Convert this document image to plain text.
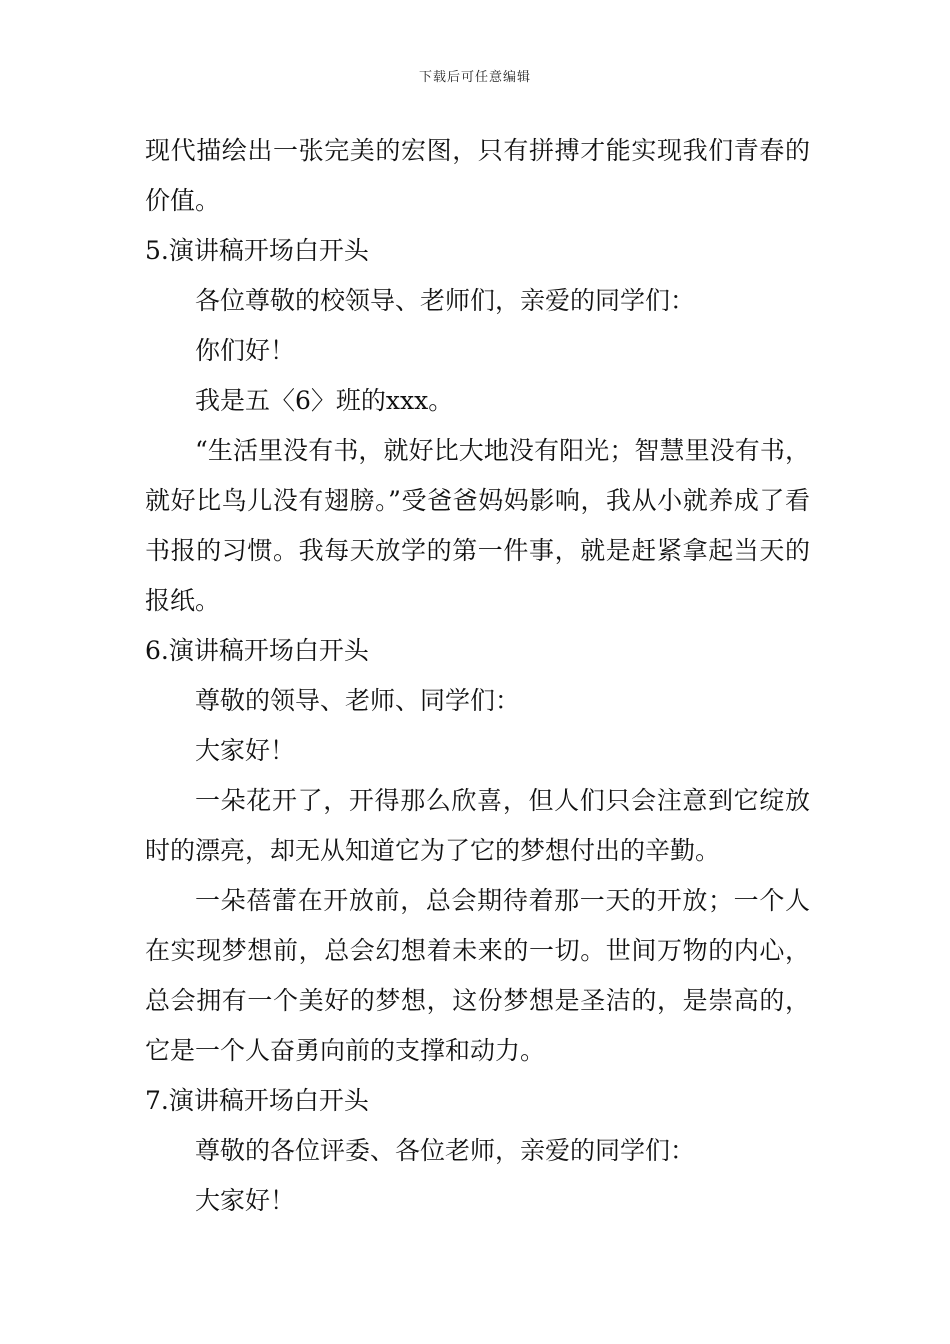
下载后可任意编辑

现代描绘出一张完美的宏图，只有拼搏才能实现我们青春的价值。

5.演讲稿开场白开头

各位尊敬的校领导、老师们，亲爱的同学们：

你们好！

我是五〈6〉班的xxx。

“生活里没有书，就好比大地没有阳光；智慧里没有书，就好比鸟儿没有翅膀。”受爸爸妈妈影响，我从小就养成了看书报的习惯。我每天放学的第一件事，就是赶紧拿起当天的报纸。

6.演讲稿开场白开头

尊敬的领导、老师、同学们：

大家好！

一朵花开了，开得那么欣喜，但人们只会注意到它绽放时的漂亮，却无从知道它为了它的梦想付出的辛勤。

一朵蓓蕾在开放前，总会期待着那一天的开放；一个人在实现梦想前，总会幻想着未来的一切。世间万物的内心，总会拥有一个美好的梦想，这份梦想是圣洁的，是崇高的，它是一个人奋勇向前的支撑和动力。

7.演讲稿开场白开头

尊敬的各位评委、各位老师，亲爱的同学们：

大家好！
